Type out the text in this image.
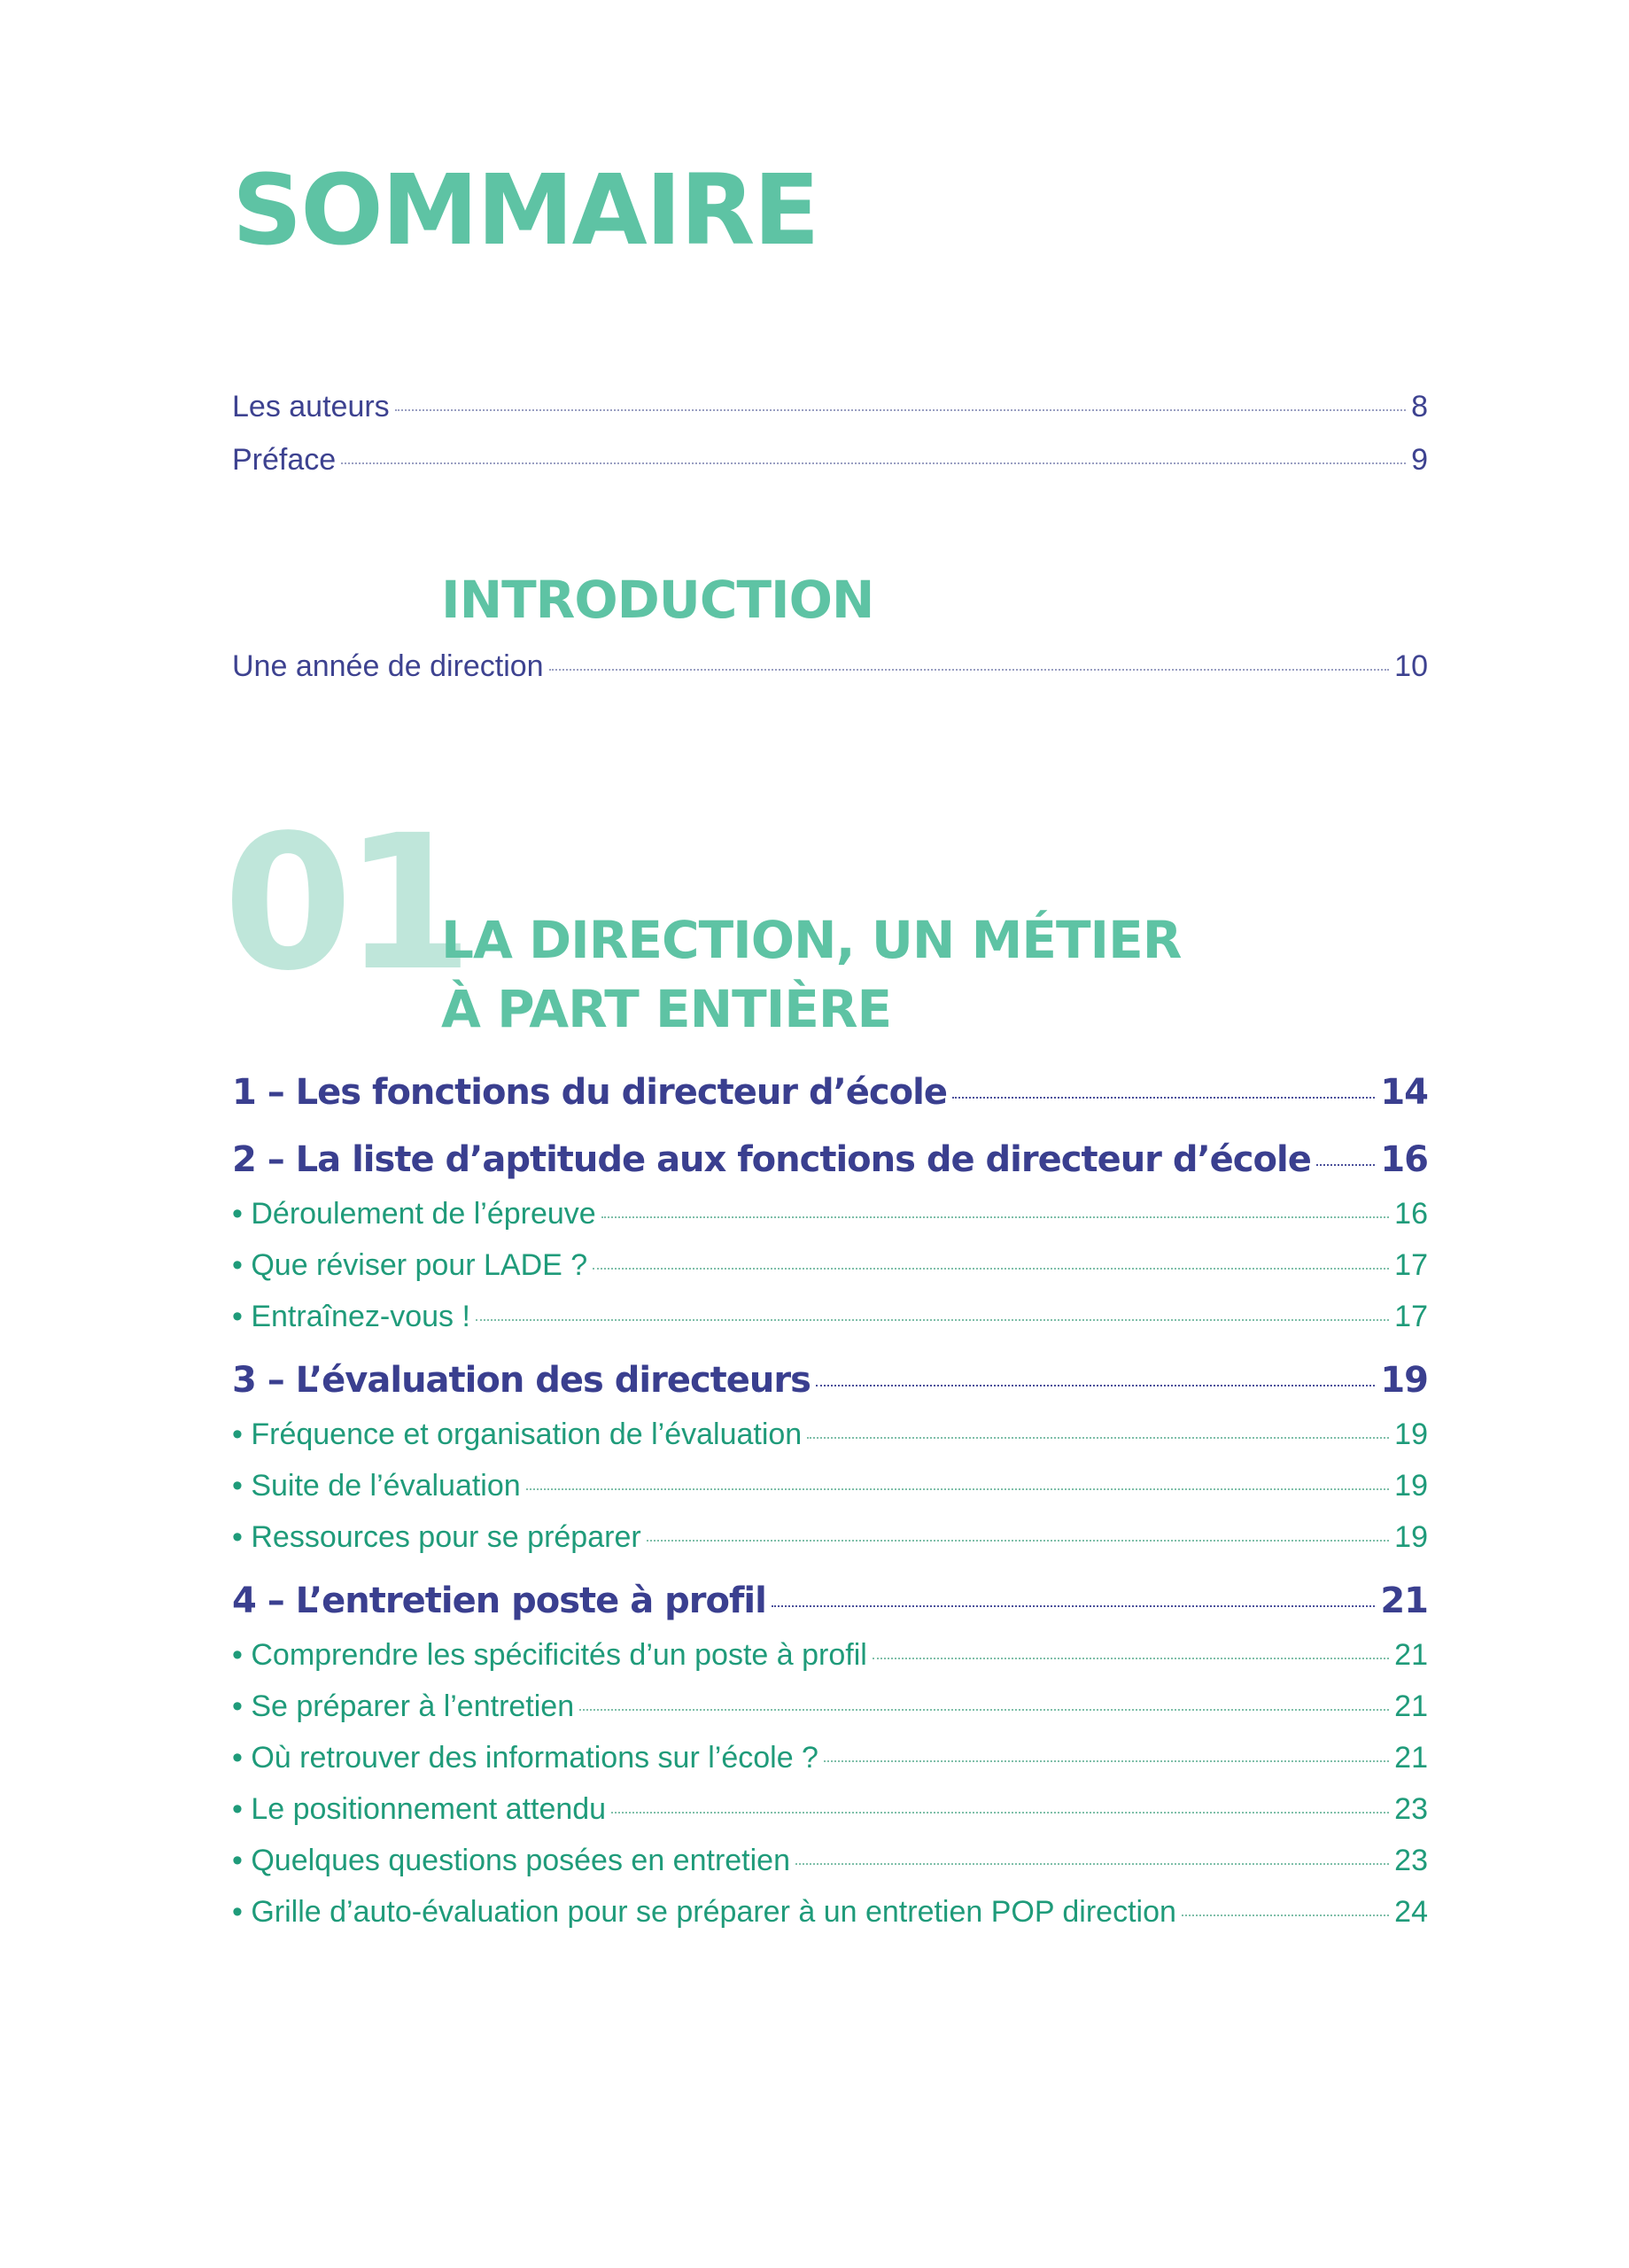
SOMMAIRE
Les auteurs	8
Préface	9
INTRODUCTION
Une année de direction	10
01
LA DIRECTION, UN MÉTIER
À PART ENTIÈRE
1 – Les fonctions du directeur d’école	14
2 – La liste d’aptitude aux fonctions de directeur d’école 16
• Déroulement de l’épreuve	16
• Que réviser pour LADE ?	17
• Entraînez-vous !	17
3 – L’évaluation des directeurs	19
• Fréquence et organisation de l’évaluation	19
• Suite de l’évaluation	19
• Ressources pour se préparer	19
4 – L’entretien poste à profil	21
• Comprendre les spécificités d’un poste à profil	21
• Se préparer à l’entretien	21
• Où retrouver des informations sur l’école ?	21
• Le positionnement attendu	23
• Quelques questions posées en entretien	23
• Grille d’auto-évaluation pour se préparer à un entretien POP direction	24
